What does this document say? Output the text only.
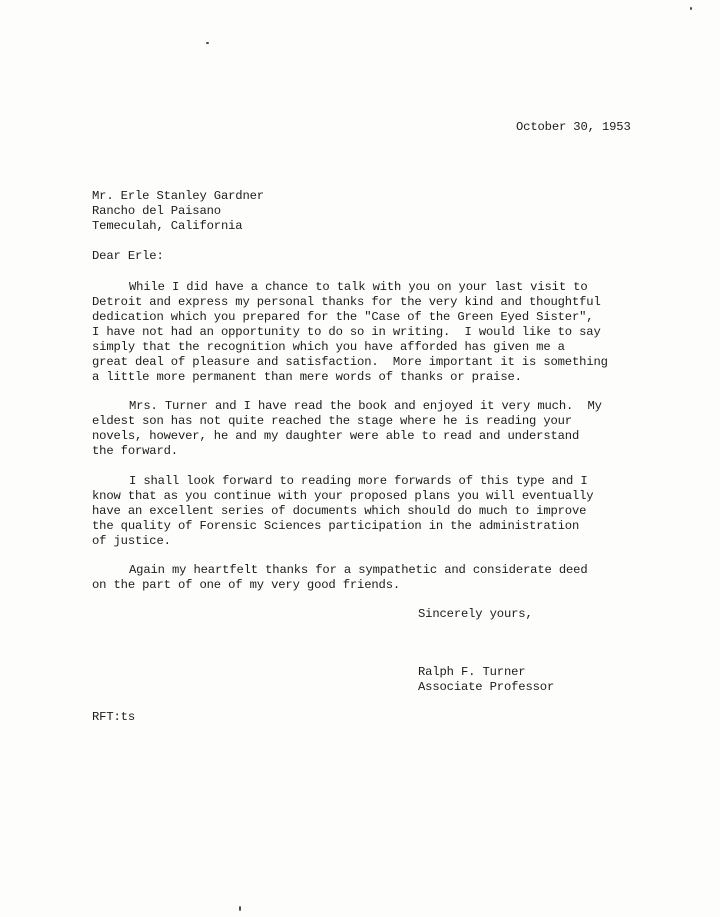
October 30, 1953
Mr. Erle Stanley Gardner
Rancho del Paisano
Temeculah, California
Dear Erle:
While I did have a chance to talk with you on your last visit to
Detroit and express my personal thanks for the very kind and thoughtful
dedication which you prepared for the "Case of the Green Eyed Sister",
I have not had an opportunity to do so in writing.  I would like to say
simply that the recognition which you have afforded has given me a
great deal of pleasure and satisfaction.  More important it is something
a little more permanent than mere words of thanks or praise.
Mrs. Turner and I have read the book and enjoyed it very much.  My
eldest son has not quite reached the stage where he is reading your
novels, however, he and my daughter were able to read and understand
the forward.
I shall look forward to reading more forwards of this type and I
know that as you continue with your proposed plans you will eventually
have an excellent series of documents which should do much to improve
the quality of Forensic Sciences participation in the administration
of justice.
Again my heartfelt thanks for a sympathetic and considerate deed
on the part of one of my very good friends.
Sincerely yours,
Ralph F. Turner
Associate Professor
RFT:ts
